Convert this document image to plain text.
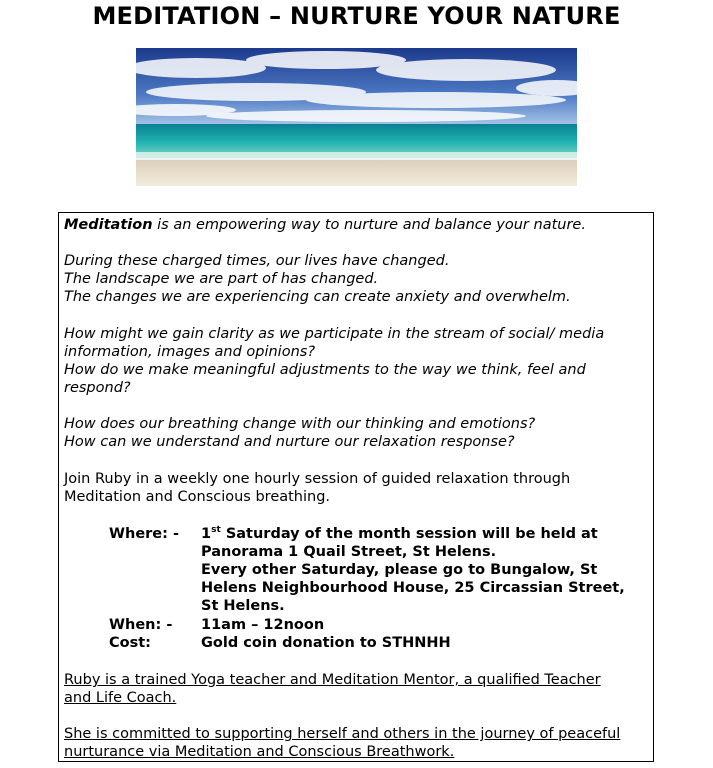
MEDITATION – NURTURE YOUR NATURE
Meditation is an empowering way to nurture and balance your nature.
During these charged times, our lives have changed.
The landscape we are part of has changed.
The changes we are experiencing can create anxiety and overwhelm.
How might we gain clarity as we participate in the stream of social/ media
information, images and opinions?
How do we make meaningful adjustments to the way we think, feel and
respond?
How does our breathing change with our thinking and emotions?
How can we understand and nurture our relaxation response?
Join Ruby in a weekly one hourly session of guided relaxation through
Meditation and Conscious breathing.
Where: - 1st Saturday of the month session will be held at
Panorama 1 Quail Street, St Helens.
Every other Saturday, please go to Bungalow, St
Helens Neighbourhood House, 25 Circassian Street,
St Helens.
When: - 11am – 12noon
Cost:	Gold coin donation to STHNHH
Ruby is a trained Yoga teacher and Meditation Mentor, a qualified Teacher
and Life Coach.
She is committed to supporting herself and others in the journey of peaceful
nurturance via Meditation and Conscious Breathwork.
